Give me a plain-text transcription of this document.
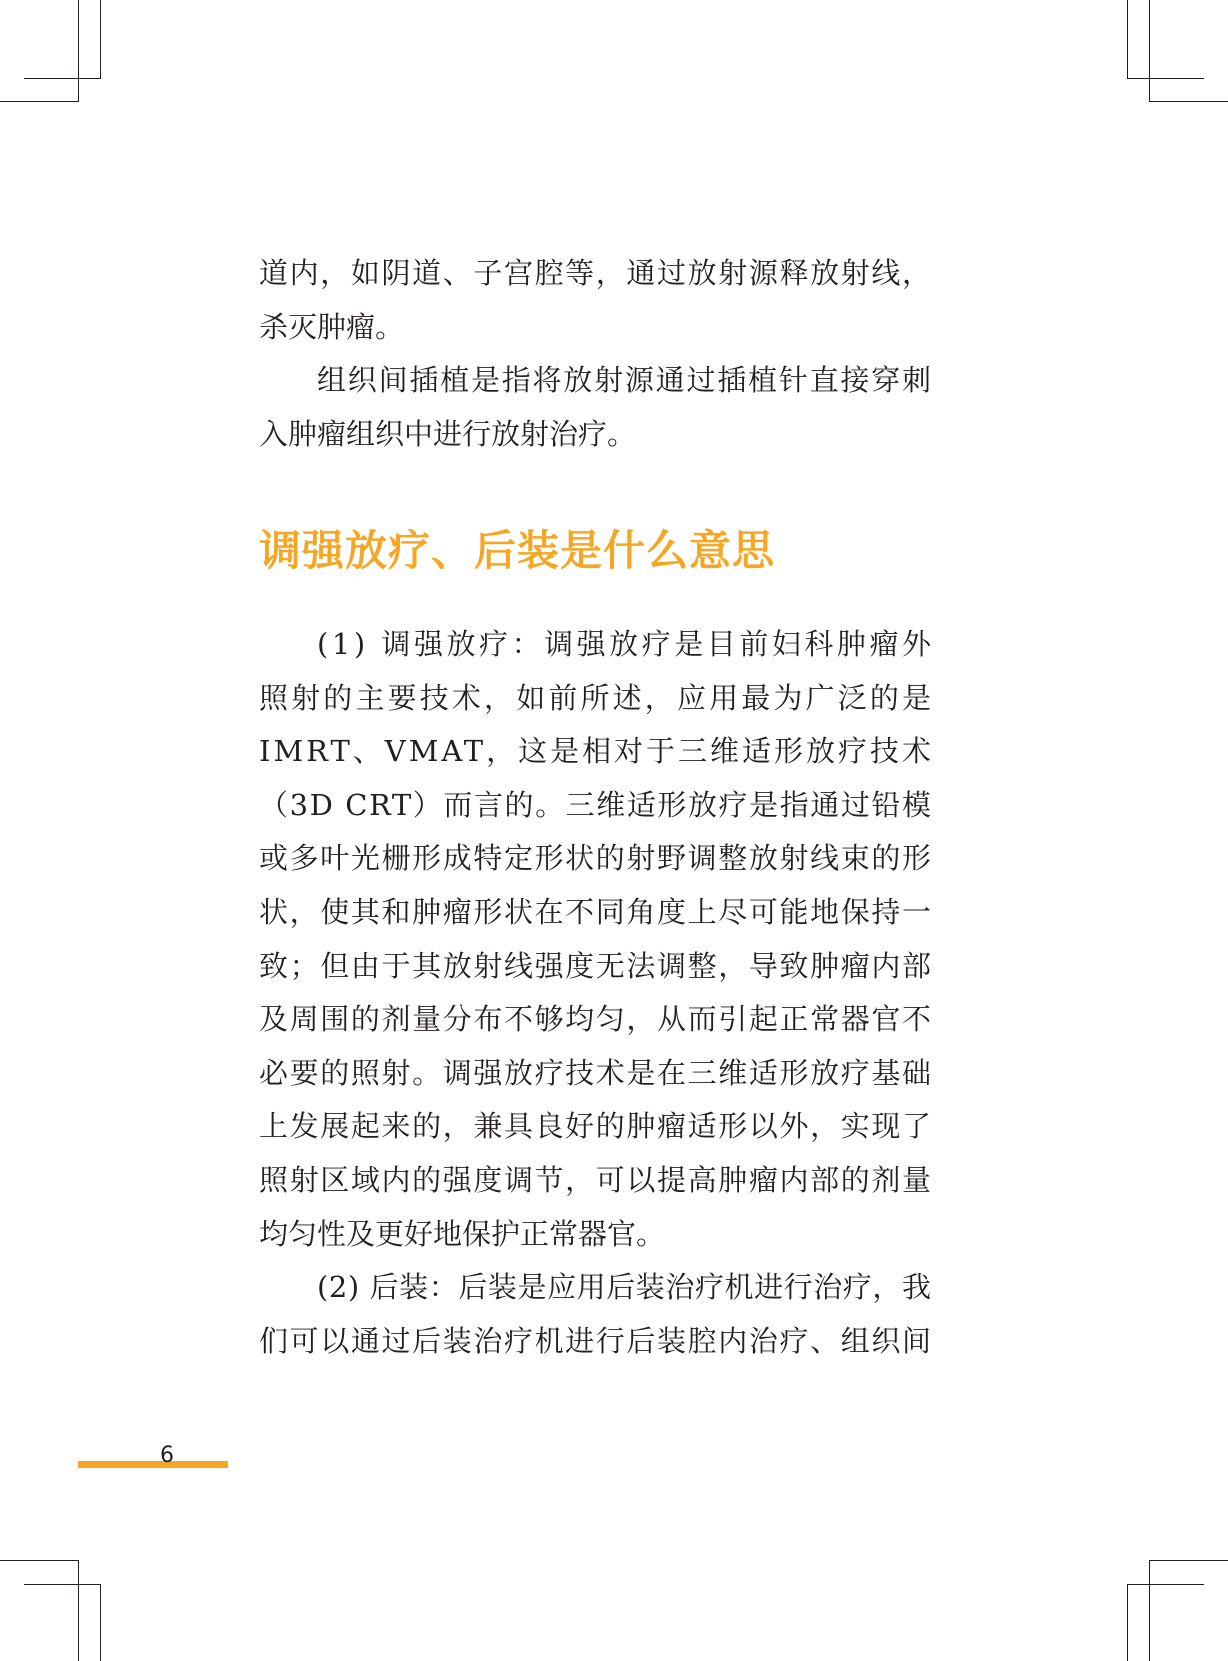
道内，如阴道、子宫腔等，通过放射源释放射线，
杀灭肿瘤。

组织间插植是指将放射源通过插植针直接穿刺
入肿瘤组织中进行放射治疗。

调强放疗、后装是什么意思

(1) 调强放疗：调强放疗是目前妇科肿瘤外
照射的主要技术，如前所述，应用最为广泛的是
IMRT、VMAT，这是相对于三维适形放疗技术
（3D CRT）而言的。三维适形放疗是指通过铅模
或多叶光栅形成特定形状的射野调整放射线束的形
状，使其和肿瘤形状在不同角度上尽可能地保持一
致；但由于其放射线强度无法调整，导致肿瘤内部
及周围的剂量分布不够均匀，从而引起正常器官不
必要的照射。调强放疗技术是在三维适形放疗基础
上发展起来的，兼具良好的肿瘤适形以外，实现了
照射区域内的强度调节，可以提高肿瘤内部的剂量
均匀性及更好地保护正常器官。

(2) 后装：后装是应用后装治疗机进行治疗，我
们可以通过后装治疗机进行后装腔内治疗、组织间

6
